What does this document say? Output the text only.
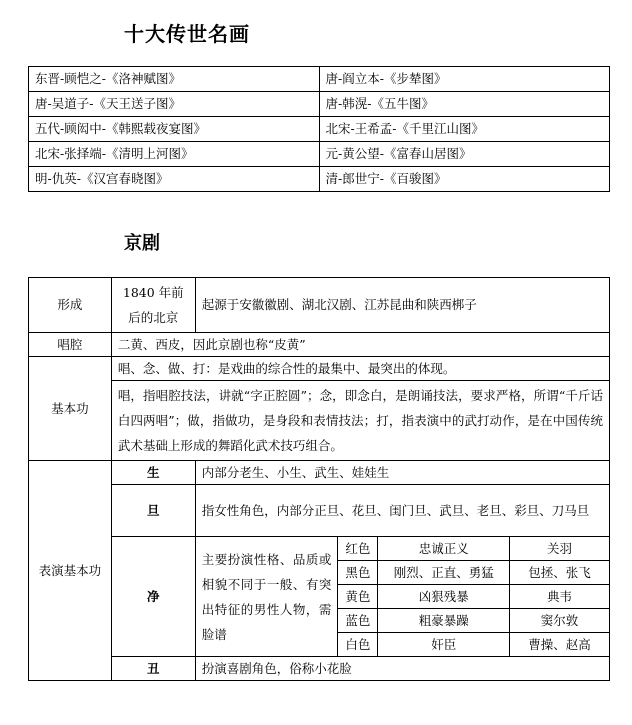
十大传世名画
东晋-顾恺之-《洛神赋图》	唐-阎立本-《步辇图》
唐-吴道子-《天王送子图》	唐-韩滉-《五牛图》
五代-顾闳中-《韩熙载夜宴图》	北宋-王希孟-《千里江山图》
北宋-张择端-《清明上河图》	元-黄公望-《富春山居图》
明-仇英-《汉宫春晓图》	清-郎世宁-《百骏图》
京剧
形成	1840 年前后的北京	起源于安徽徽剧、湖北汉剧、江苏昆曲和陕西梆子			
唱腔	二黄、西皮，因此京剧也称“皮黄”				
基本功	唱、念、做、打：是戏曲的综合性的最集中、最突出的体现。				
	唱，指唱腔技法，讲就“字正腔圆”；念，即念白，是朗诵技法，要求严格，所谓“千斤话白四两唱”；做，指做功，是身段和表情技法；打，指表演中的武打动作，是在中国传统武术基础上形成的舞蹈化武术技巧组合。				
表演基本功	生	内部分老生、小生、武生、娃娃生			
	旦	指女性角色，内部分正旦、花旦、闺门旦、武旦、老旦、彩旦、刀马旦			
	净	主要扮演性格、品质或相貌不同于一般、有突出特征的男性人物，需脸谱	红色	忠诚正义	关羽
			黑色	刚烈、正直、勇猛	包拯、张飞
			黄色	凶狠残暴	典韦
			蓝色	粗豪暴躁	窦尔敦
			白色	奸臣	曹操、赵高
	丑	扮演喜剧角色，俗称小花脸			
